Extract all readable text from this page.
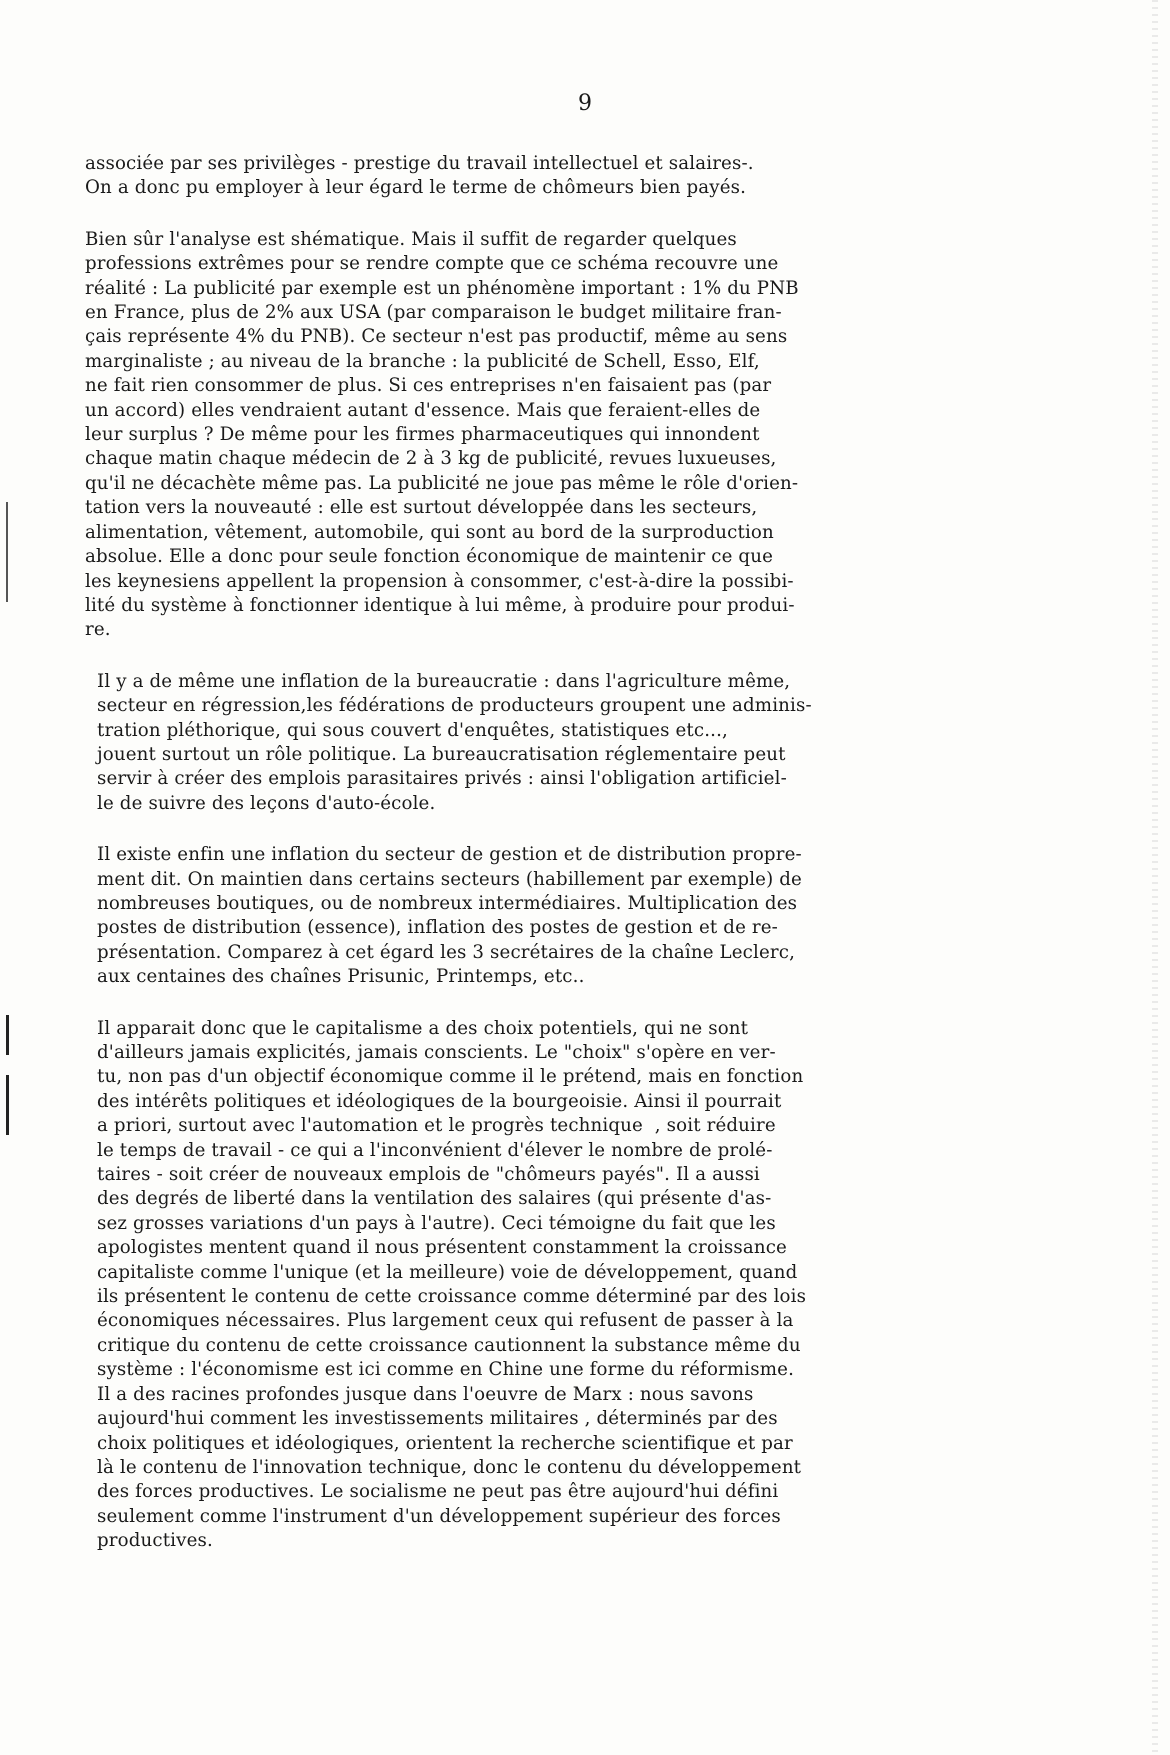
9
associée par ses privilèges - prestige du travail intellectuel et salaires-.
On a donc pu employer à leur égard le terme de chômeurs bien payés.
Bien sûr l'analyse est shématique. Mais il suffit de regarder quelques
professions extrêmes pour se rendre compte que ce schéma recouvre une
réalité : La publicité par exemple est un phénomène important : 1% du PNB
en France, plus de 2% aux USA (par comparaison le budget militaire fran-
çais représente 4% du PNB). Ce secteur n'est pas productif, même au sens
marginaliste ; au niveau de la branche : la publicité de Schell, Esso, Elf,
ne fait rien consommer de plus. Si ces entreprises n'en faisaient pas (par
un accord) elles vendraient autant d'essence. Mais que feraient-elles de
leur surplus ? De même pour les firmes pharmaceutiques qui innondent
chaque matin chaque médecin de 2 à 3 kg de publicité, revues luxueuses,
qu'il ne décachète même pas. La publicité ne joue pas même le rôle d'orien-
tation vers la nouveauté : elle est surtout développée dans les secteurs,
alimentation, vêtement, automobile, qui sont au bord de la surproduction
absolue. Elle a donc pour seule fonction économique de maintenir ce que
les keynesiens appellent la propension à consommer, c'est-à-dire la possibi-
lité du système à fonctionner identique à lui même, à produire pour produi-
re.
Il y a de même une inflation de la bureaucratie : dans l'agriculture même,
secteur en régression,les fédérations de producteurs groupent une adminis-
tration pléthorique, qui sous couvert d'enquêtes, statistiques etc...,
jouent surtout un rôle politique. La bureaucratisation réglementaire peut
servir à créer des emplois parasitaires privés : ainsi l'obligation artificiel-
le de suivre des leçons d'auto-école.
Il existe enfin une inflation du secteur de gestion et de distribution propre-
ment dit. On maintien dans certains secteurs (habillement par exemple) de
nombreuses boutiques, ou de nombreux intermédiaires. Multiplication des
postes de distribution (essence), inflation des postes de gestion et de re-
présentation. Comparez à cet égard les 3 secrétaires de la chaîne Leclerc,
aux centaines des chaînes Prisunic, Printemps, etc..
Il apparait donc que le capitalisme a des choix potentiels, qui ne sont
d'ailleurs jamais explicités, jamais conscients. Le "choix" s'opère en ver-
tu, non pas d'un objectif économique comme il le prétend, mais en fonction
des intérêts politiques et idéologiques de la bourgeoisie. Ainsi il pourrait
a priori, surtout avec l'automation et le progrès technique  , soit réduire
le temps de travail - ce qui a l'inconvénient d'élever le nombre de prolé-
taires - soit créer de nouveaux emplois de "chômeurs payés". Il a aussi
des degrés de liberté dans la ventilation des salaires (qui présente d'as-
sez grosses variations d'un pays à l'autre). Ceci témoigne du fait que les
apologistes mentent quand il nous présentent constamment la croissance
capitaliste comme l'unique (et la meilleure) voie de développement, quand
ils présentent le contenu de cette croissance comme déterminé par des lois
économiques nécessaires. Plus largement ceux qui refusent de passer à la
critique du contenu de cette croissance cautionnent la substance même du
système : l'économisme est ici comme en Chine une forme du réformisme.
Il a des racines profondes jusque dans l'oeuvre de Marx : nous savons
aujourd'hui comment les investissements militaires , déterminés par des
choix politiques et idéologiques, orientent la recherche scientifique et par
là le contenu de l'innovation technique, donc le contenu du développement
des forces productives. Le socialisme ne peut pas être aujourd'hui défini
seulement comme l'instrument d'un développement supérieur des forces
productives.
